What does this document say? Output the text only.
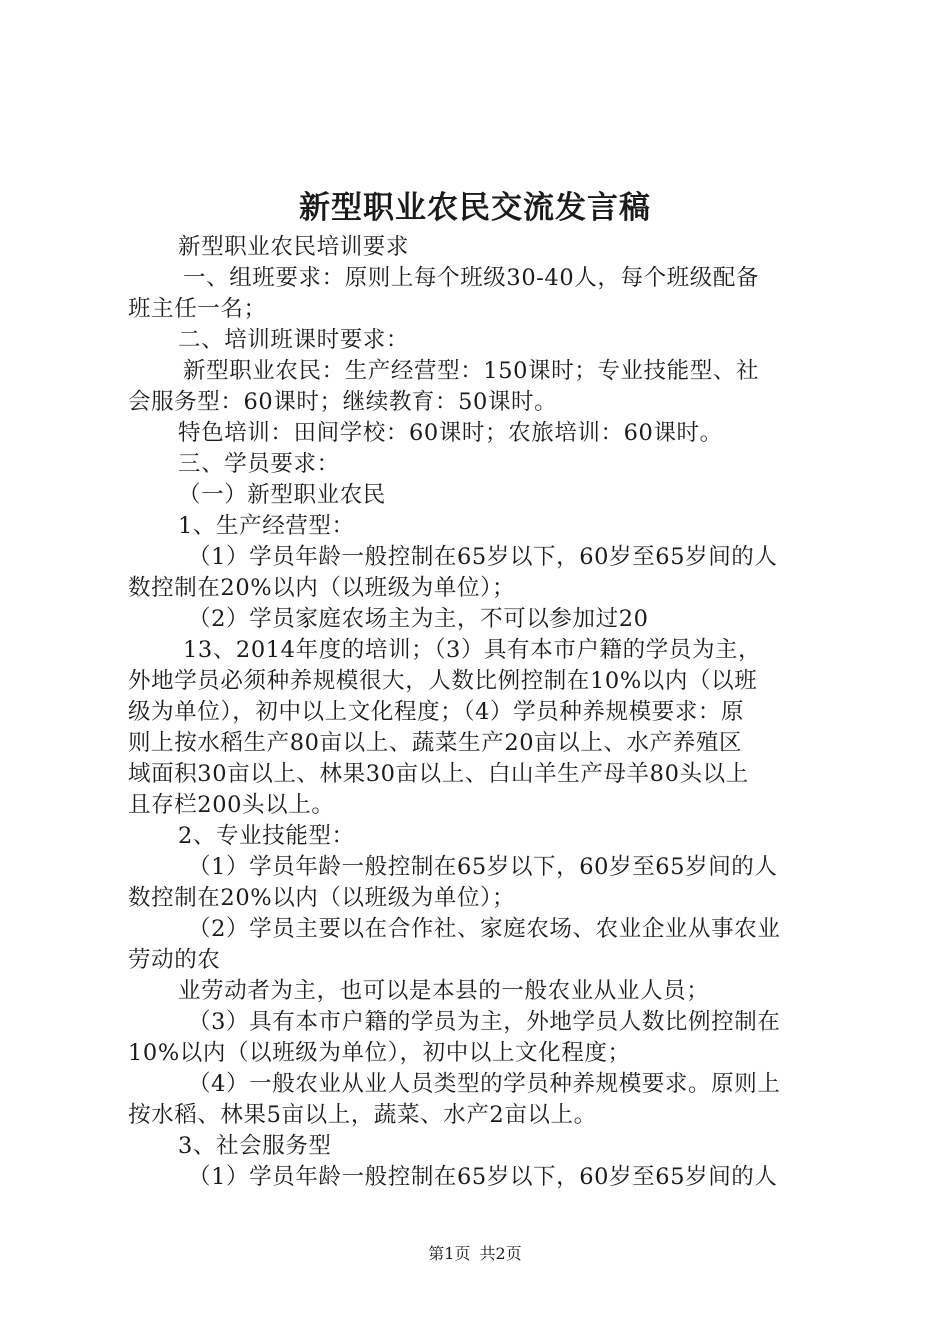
新型职业农民交流发言稿
新型职业农民培训要求
一、组班要求：原则上每个班级30-40人，每个班级配备
班主任一名；
二、培训班课时要求：
新型职业农民：生产经营型：150课时；专业技能型、社
会服务型：60课时；继续教育：50课时。
特色培训：田间学校：60课时；农旅培训：60课时。
三、学员要求：
（一）新型职业农民
1、生产经营型：
（1）学员年龄一般控制在65岁以下，60岁至65岁间的人
数控制在20%以内（以班级为单位）；
（2）学员家庭农场主为主，不可以参加过20
13、2014年度的培训；（3）具有本市户籍的学员为主，
外地学员必须种养规模很大，人数比例控制在10%以内（以班
级为单位），初中以上文化程度；（4）学员种养规模要求：原
则上按水稻生产80亩以上、蔬菜生产20亩以上、水产养殖区
域面积30亩以上、林果30亩以上、白山羊生产母羊80头以上
且存栏200头以上。
2、专业技能型：
（1）学员年龄一般控制在65岁以下，60岁至65岁间的人
数控制在20%以内（以班级为单位）；
（2）学员主要以在合作社、家庭农场、农业企业从事农业
劳动的农
业劳动者为主，也可以是本县的一般农业从业人员；
（3）具有本市户籍的学员为主，外地学员人数比例控制在
10%以内（以班级为单位），初中以上文化程度；
（4）一般农业从业人员类型的学员种养规模要求。原则上
按水稻、林果5亩以上，蔬菜、水产2亩以上。
3、社会服务型
（1）学员年龄一般控制在65岁以下，60岁至65岁间的人
第1页 共2页
